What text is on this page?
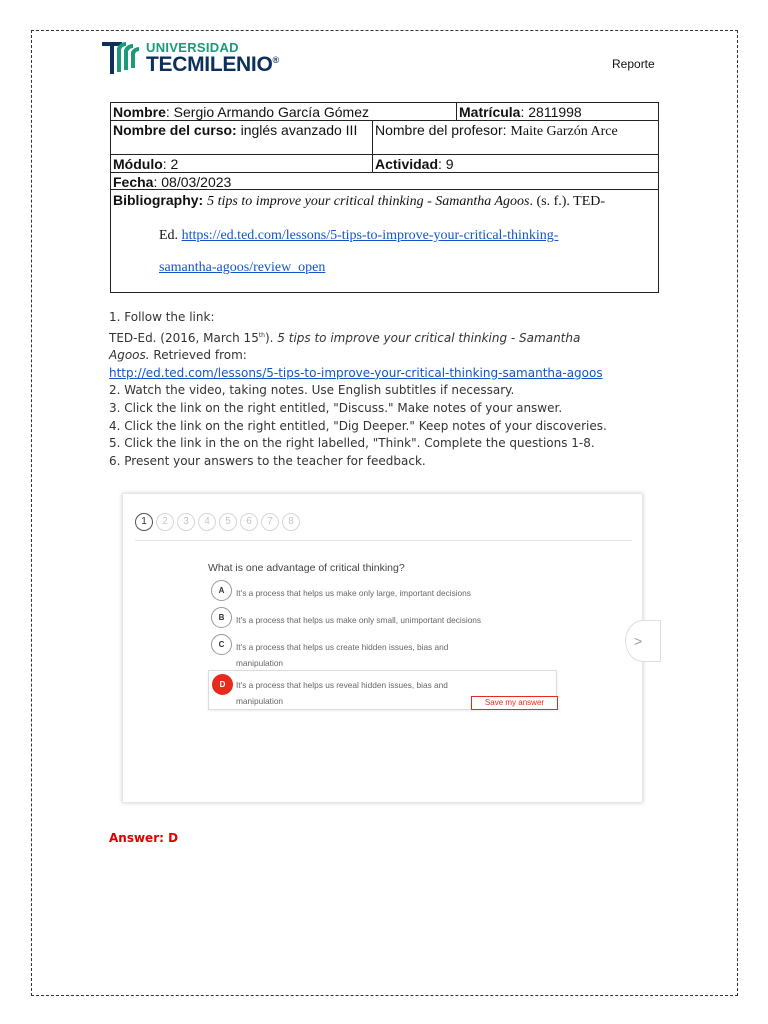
UNIVERSIDAD
TECMILENIO®	Reporte
Nombre: Sergio Armando García Gómez	Matrícula: 2811998
Nombre del curso: inglés avanzado III	Nombre del profesor: Maite Garzón Arce
Módulo: 2	Actividad: 9
Fecha: 08/03/2023
Bibliography: 5 tips to improve your critical thinking - Samantha Agoos. (s. f.). TED-
Ed. https://ed.ted.com/lessons/5-tips-to-improve-your-critical-thinking-
samantha-agoos/review_open
1. Follow the link:
TED-Ed. (2016, March 15th). 5 tips to improve your critical thinking - Samantha
Agoos. Retrieved from:
http://ed.ted.com/lessons/5-tips-to-improve-your-critical-thinking-samantha-agoos
2. Watch the video, taking notes. Use English subtitles if necessary.
3. Click the link on the right entitled, "Discuss." Make notes of your answer.
4. Click the link on the right entitled, "Dig Deeper." Keep notes of your discoveries.
5. Click the link in the on the right labelled, "Think". Complete the questions 1-8.
6. Present your answers to the teacher for feedback.
1	2	3	4	5	6	7	8
What is one advantage of critical thinking?
A	It's a process that helps us make only large, important decisions
B	It's a process that helps us make only small, unimportant decisions
C	It's a process that helps us create hidden issues, bias and manipulation
D	It's a process that helps us reveal hidden issues, bias and manipulation	Save my answer
>
Answer: D
